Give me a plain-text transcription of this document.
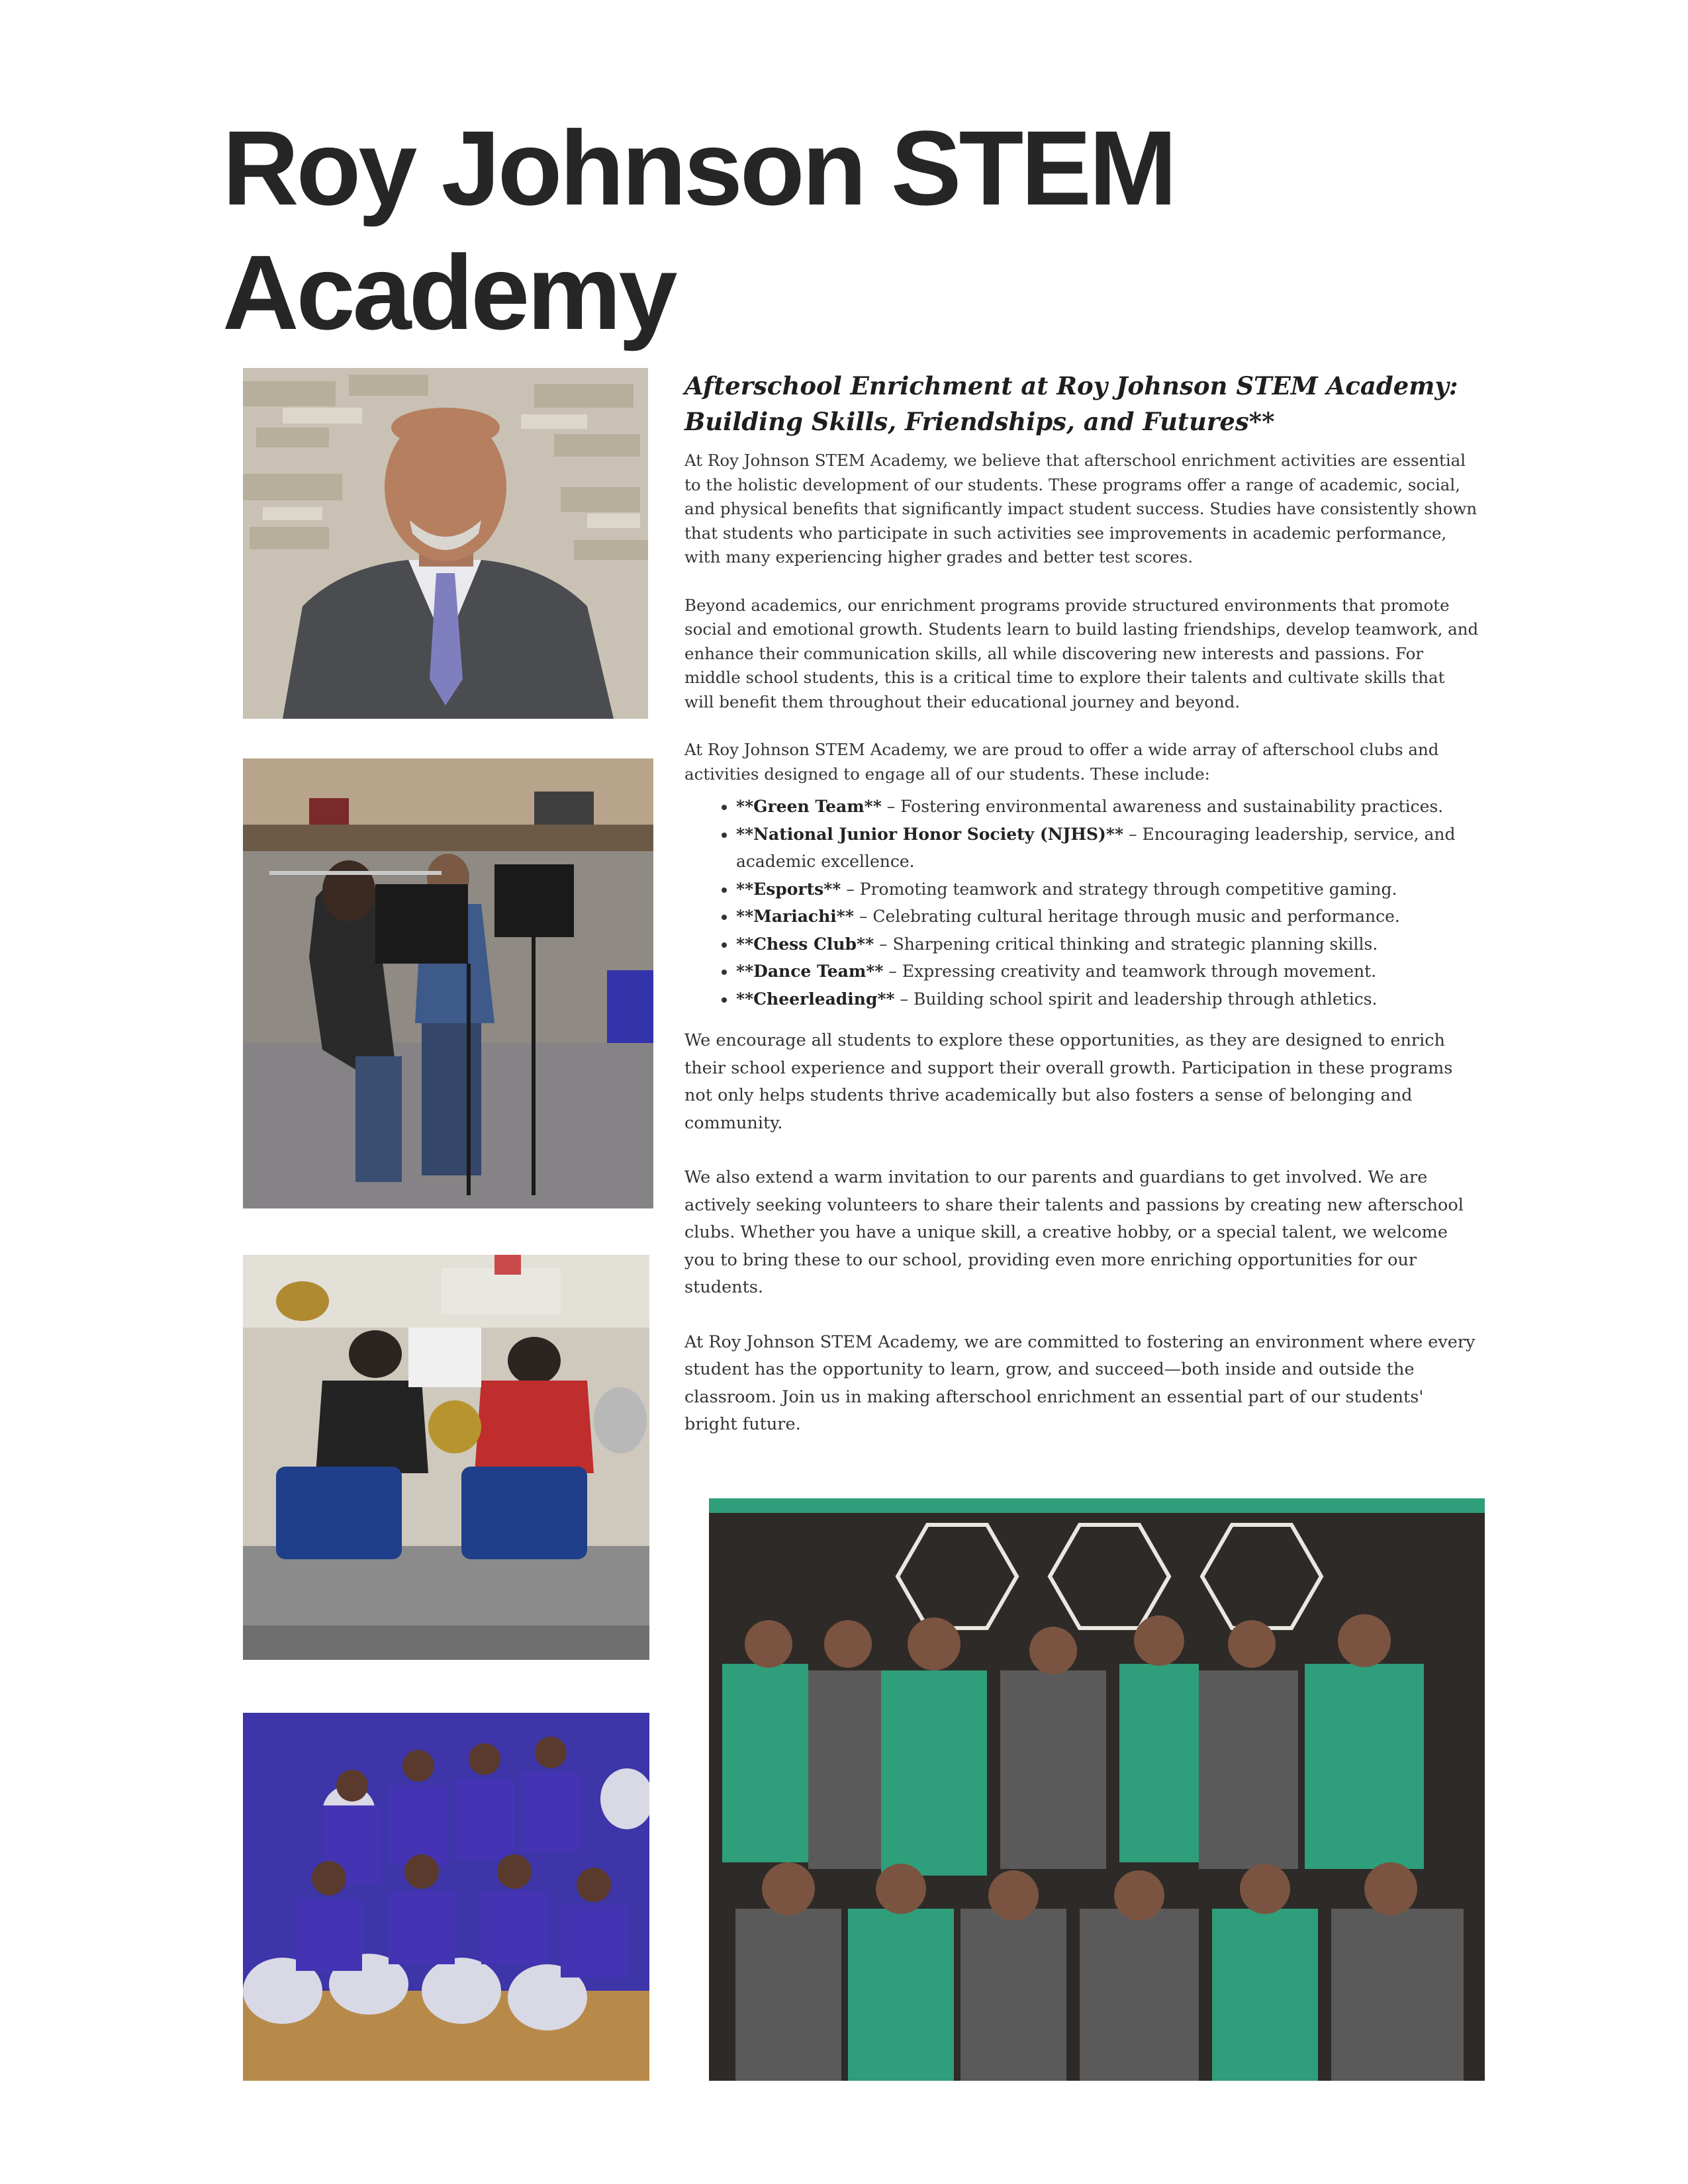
Roy Johnson STEM
Academy
Afterschool Enrichment at Roy Johnson STEM Academy:
Building Skills, Friendships, and Futures**

At Roy Johnson STEM Academy, we believe that afterschool enrichment activities are essential to the holistic development of our students. These programs offer a range of academic, social, and physical benefits that significantly impact student success. Studies have consistently shown that students who participate in such activities see improvements in academic performance, with many experiencing higher grades and better test scores.

Beyond academics, our enrichment programs provide structured environments that promote social and emotional growth. Students learn to build lasting friendships, develop teamwork, and enhance their communication skills, all while discovering new interests and passions. For middle school students, this is a critical time to explore their talents and cultivate skills that will benefit them throughout their educational journey and beyond.

At Roy Johnson STEM Academy, we are proud to offer a wide array of afterschool clubs and activities designed to engage all of our students. These include:

• **Green Team** – Fostering environmental awareness and sustainability practices.
• **National Junior Honor Society (NJHS)** – Encouraging leadership, service, and academic excellence.
• **Esports** – Promoting teamwork and strategy through competitive gaming.
• **Mariachi** – Celebrating cultural heritage through music and performance.
• **Chess Club** – Sharpening critical thinking and strategic planning skills.
• **Dance Team** – Expressing creativity and teamwork through movement.
• **Cheerleading** – Building school spirit and leadership through athletics.

We encourage all students to explore these opportunities, as they are designed to enrich their school experience and support their overall growth. Participation in these programs not only helps students thrive academically but also fosters a sense of belonging and community.

We also extend a warm invitation to our parents and guardians to get involved. We are actively seeking volunteers to share their talents and passions by creating new afterschool clubs. Whether you have a unique skill, a creative hobby, or a special talent, we welcome you to bring these to our school, providing even more enriching opportunities for our students.

At Roy Johnson STEM Academy, we are committed to fostering an environment where every student has the opportunity to learn, grow, and succeed—both inside and outside the classroom. Join us in making afterschool enrichment an essential part of our students' bright future.
